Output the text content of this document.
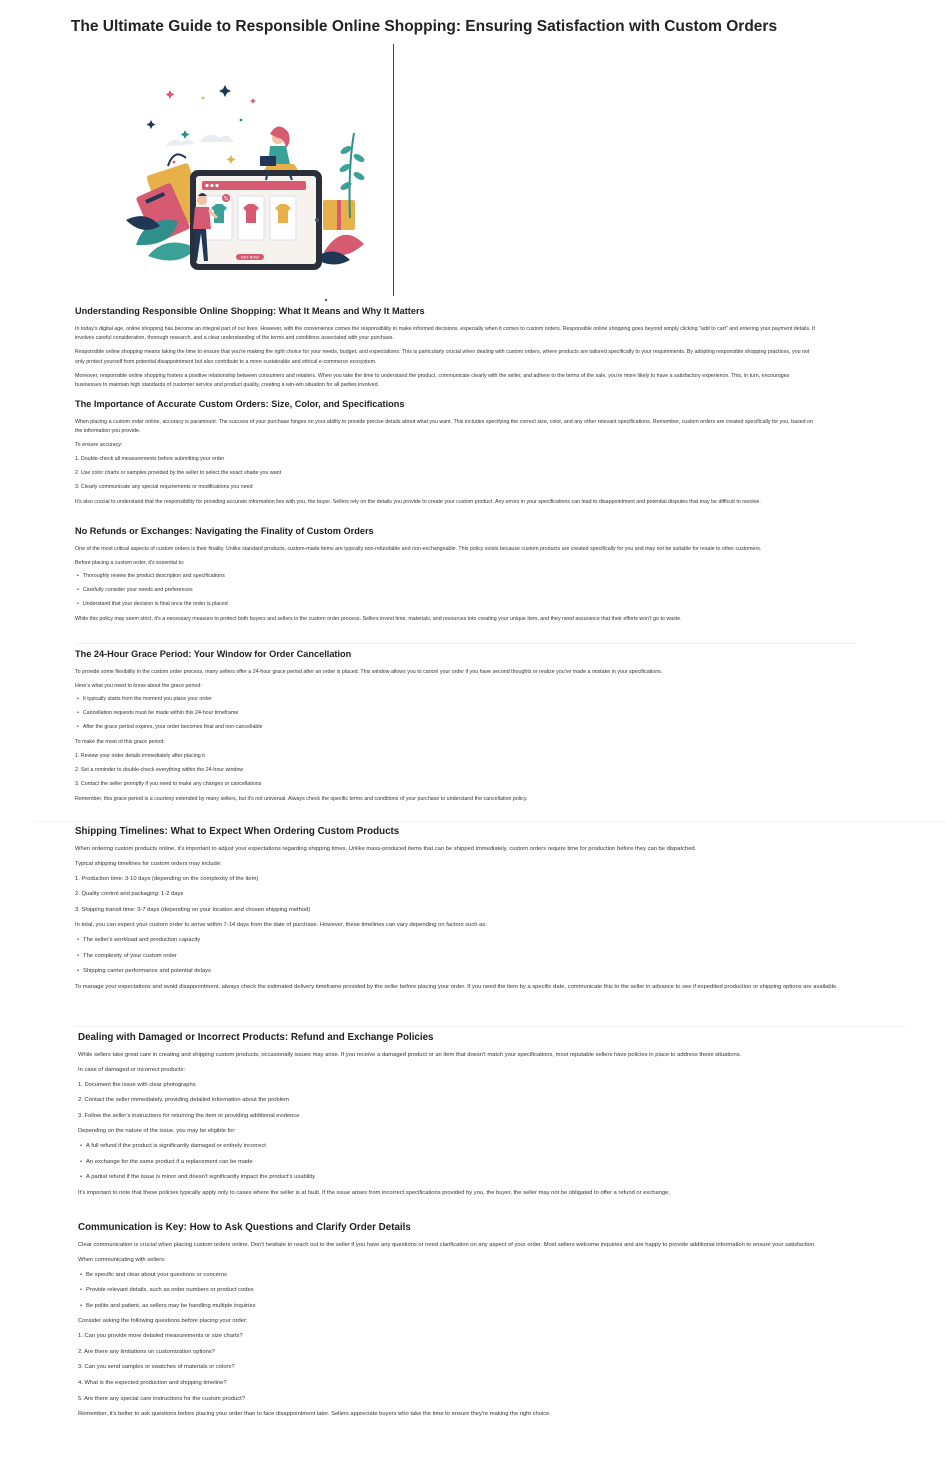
The Ultimate Guide to Responsible Online Shopping: Ensuring Satisfaction with Custom Orders
%
BUY NOW
Understanding Responsible Online Shopping: What It Means and Why It Matters

In today's digital age, online shopping has become an integral part of our lives. However, with the convenience comes the responsibility to make informed decisions, especially when it comes to custom orders. Responsible online shopping goes beyond simply clicking "add to cart" and entering your payment details. It involves careful consideration, thorough research, and a clear understanding of the terms and conditions associated with your purchase.

Responsible online shopping means taking the time to ensure that you're making the right choice for your needs, budget, and expectations. This is particularly crucial when dealing with custom orders, where products are tailored specifically to your requirements. By adopting responsible shopping practices, you not only protect yourself from potential disappointment but also contribute to a more sustainable and ethical e-commerce ecosystem.

Moreover, responsible online shopping fosters a positive relationship between consumers and retailers. When you take the time to understand the product, communicate clearly with the seller, and adhere to the terms of the sale, you're more likely to have a satisfactory experience. This, in turn, encourages businesses to maintain high standards of customer service and product quality, creating a win-win situation for all parties involved.

The Importance of Accurate Custom Orders: Size, Color, and Specifications

When placing a custom order online, accuracy is paramount. The success of your purchase hinges on your ability to provide precise details about what you want. This includes specifying the correct size, color, and any other relevant specifications. Remember, custom orders are created specifically for you, based on the information you provide.

To ensure accuracy:

1. Double-check all measurements before submitting your order
2. Use color charts or samples provided by the seller to select the exact shade you want
3. Clearly communicate any special requirements or modifications you need

It's also crucial to understand that the responsibility for providing accurate information lies with you, the buyer. Sellers rely on the details you provide to create your custom product. Any errors in your specifications can lead to disappointment and potential disputes that may be difficult to resolve.

No Refunds or Exchanges: Navigating the Finality of Custom Orders

One of the most critical aspects of custom orders is their finality. Unlike standard products, custom-made items are typically non-refundable and non-exchangeable. This policy exists because custom products are created specifically for you and may not be suitable for resale to other customers.

Before placing a custom order, it's essential to:

• Thoroughly review the product description and specifications
• Carefully consider your needs and preferences
• Understand that your decision is final once the order is placed

While this policy may seem strict, it's a necessary measure to protect both buyers and sellers in the custom order process. Sellers invest time, materials, and resources into creating your unique item, and they need assurance that their efforts won't go to waste.

The 24-Hour Grace Period: Your Window for Order Cancellation

To provide some flexibility in the custom order process, many sellers offer a 24-hour grace period after an order is placed. This window allows you to cancel your order if you have second thoughts or realize you've made a mistake in your specifications.

Here's what you need to know about the grace period:

• It typically starts from the moment you place your order
• Cancellation requests must be made within this 24-hour timeframe
• After the grace period expires, your order becomes final and non-cancellable

To make the most of this grace period:

1. Review your order details immediately after placing it
2. Set a reminder to double-check everything within the 24-hour window
3. Contact the seller promptly if you need to make any changes or cancellations

Remember, this grace period is a courtesy extended by many sellers, but it's not universal. Always check the specific terms and conditions of your purchase to understand the cancellation policy.

Shipping Timelines: What to Expect When Ordering Custom Products

When ordering custom products online, it's important to adjust your expectations regarding shipping times. Unlike mass-produced items that can be shipped immediately, custom orders require time for production before they can be dispatched.

Typical shipping timelines for custom orders may include:

1. Production time: 3-10 days (depending on the complexity of the item)
2. Quality control and packaging: 1-2 days
3. Shipping transit time: 3-7 days (depending on your location and chosen shipping method)

In total, you can expect your custom order to arrive within 7-14 days from the date of purchase. However, these timelines can vary depending on factors such as:

• The seller's workload and production capacity
• The complexity of your custom order
• Shipping carrier performance and potential delays

To manage your expectations and avoid disappointment, always check the estimated delivery timeframe provided by the seller before placing your order. If you need the item by a specific date, communicate this to the seller in advance to see if expedited production or shipping options are available.

Dealing with Damaged or Incorrect Products: Refund and Exchange Policies

While sellers take great care in creating and shipping custom products, occasionally issues may arise. If you receive a damaged product or an item that doesn't match your specifications, most reputable sellers have policies in place to address these situations.

In case of damaged or incorrect products:

1. Document the issue with clear photographs
2. Contact the seller immediately, providing detailed information about the problem
3. Follow the seller's instructions for returning the item or providing additional evidence

Depending on the nature of the issue, you may be eligible for:

• A full refund if the product is significantly damaged or entirely incorrect
• An exchange for the same product if a replacement can be made
• A partial refund if the issue is minor and doesn't significantly impact the product's usability

It's important to note that these policies typically apply only to cases where the seller is at fault. If the issue arises from incorrect specifications provided by you, the buyer, the seller may not be obligated to offer a refund or exchange.

Communication is Key: How to Ask Questions and Clarify Order Details

Clear communication is crucial when placing custom orders online. Don't hesitate to reach out to the seller if you have any questions or need clarification on any aspect of your order. Most sellers welcome inquiries and are happy to provide additional information to ensure your satisfaction.

When communicating with sellers:

• Be specific and clear about your questions or concerns
• Provide relevant details, such as order numbers or product codes
• Be polite and patient, as sellers may be handling multiple inquiries

Consider asking the following questions before placing your order:

1. Can you provide more detailed measurements or size charts?
2. Are there any limitations on customization options?
3. Can you send samples or swatches of materials or colors?
4. What is the expected production and shipping timeline?
5. Are there any special care instructions for the custom product?

Remember, it's better to ask questions before placing your order than to face disappointment later. Sellers appreciate buyers who take the time to ensure they're making the right choice.
